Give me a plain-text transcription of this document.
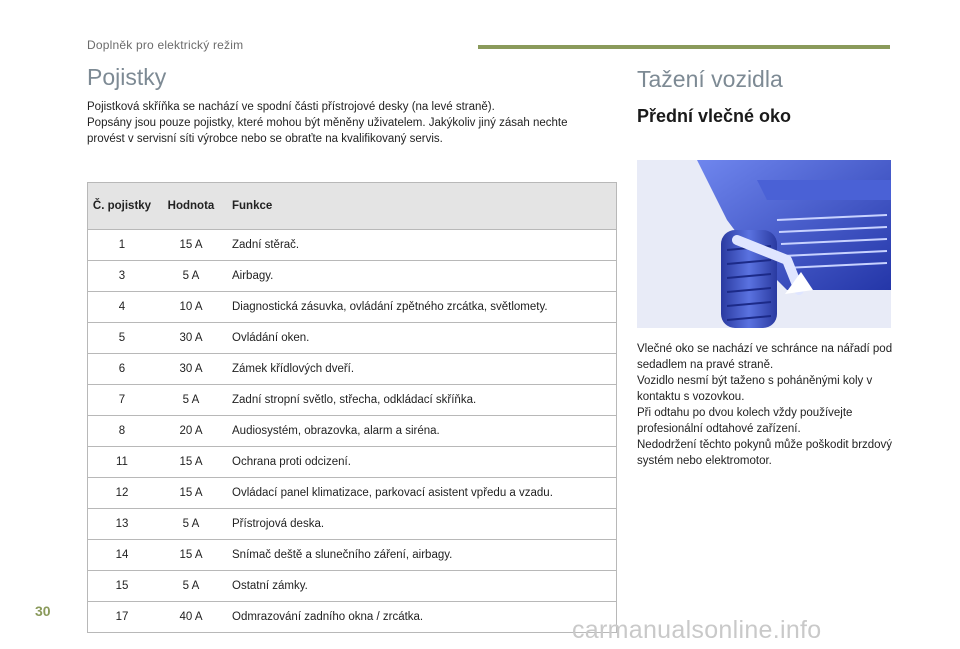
Doplněk pro elektrický režim
Pojistky

Pojistková skříňka se nachází ve spodní části přístrojové desky (na levé straně).

Popsány jsou pouze pojistky, které mohou být měněny uživatelem. Jakýkoliv jiný zásah nechte provést v servisní síti výrobce nebo se obraťte na kvalifikovaný servis.

Č. pojistky	Hodnota	Funkce
1	15 A	Zadní stěrač.
3	5 A	Airbagy.
4	10 A	Diagnostická zásuvka, ovládání zpětného zrcátka, světlomety.
5	30 A	Ovládání oken.
6	30 A	Zámek křídlových dveří.
7	5 A	Zadní stropní světlo, střecha, odkládací skříňka.
8	20 A	Audiosystém, obrazovka, alarm a siréna.
11	15 A	Ochrana proti odcizení.
12	15 A	Ovládací panel klimatizace, parkovací asistent vpředu a vzadu.
13	5 A	Přístrojová deska.
14	15 A	Snímač deště a slunečního záření, airbagy.
15	5 A	Ostatní zámky.
17	40 A	Odmrazování zadního okna / zrcátka.
Tažení vozidla
Přední vlečné oko

Vlečné oko se nachází ve schránce na nářadí pod sedadlem na pravé straně.

Vozidlo nesmí být taženo s poháněnými koly v kontaktu s vozovkou.

Při odtahu po dvou kolech vždy používejte profesionální odtahové zařízení.

Nedodržení těchto pokynů může poškodit brzdový systém nebo elektromotor.

30
carmanualsonline.info
